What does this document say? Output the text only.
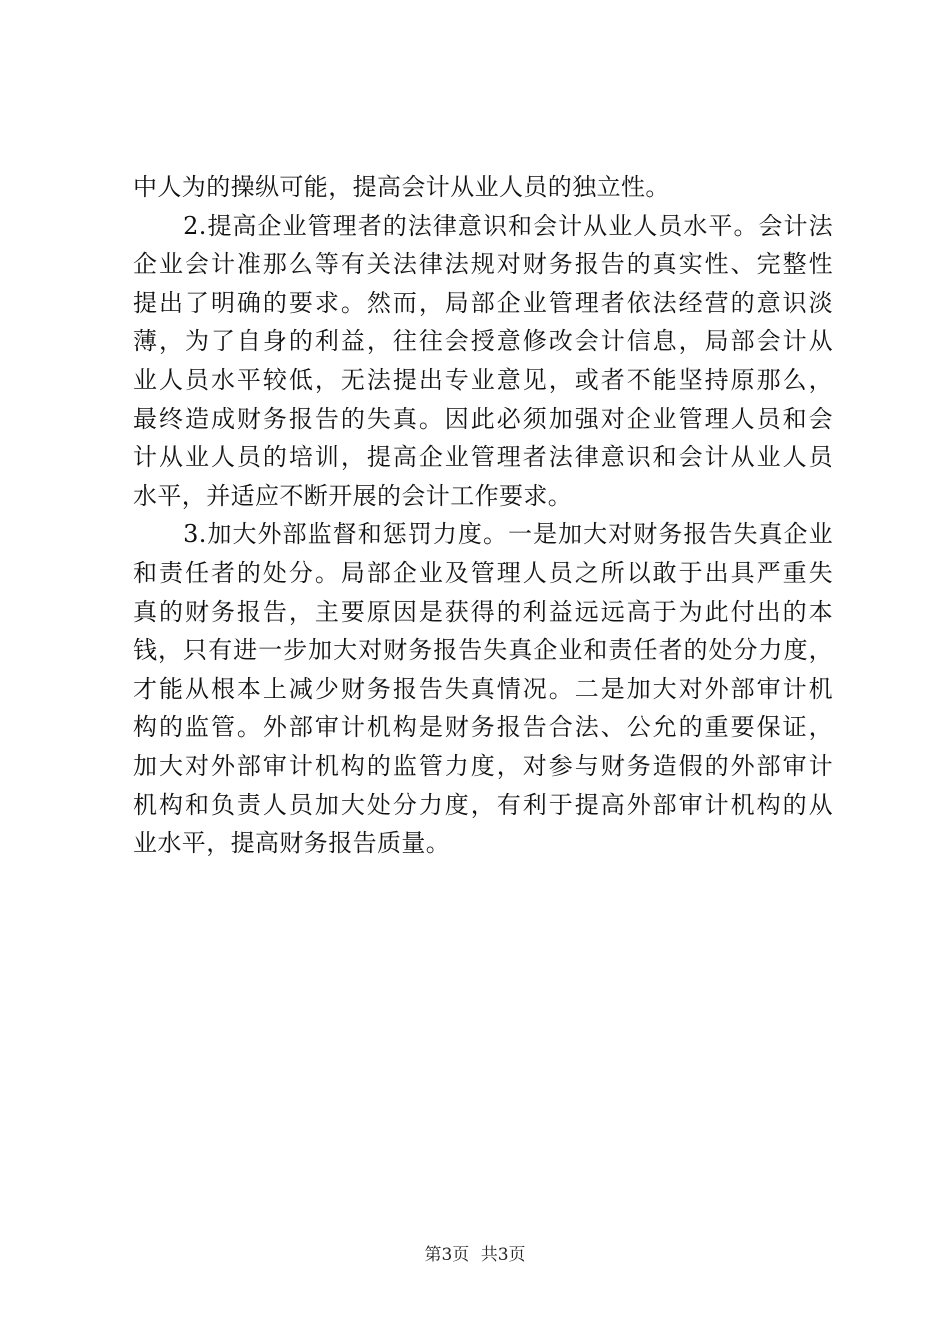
中人为的操纵可能，提高会计从业人员的独立性。
　　2.提高企业管理者的法律意识和会计从业人员水平。会计法
企业会计准那么等有关法律法规对财务报告的真实性、完整性
提出了明确的要求。然而，局部企业管理者依法经营的意识淡
薄，为了自身的利益，往往会授意修改会计信息，局部会计从
业人员水平较低，无法提出专业意见，或者不能坚持原那么，
最终造成财务报告的失真。因此必须加强对企业管理人员和会
计从业人员的培训，提高企业管理者法律意识和会计从业人员
水平，并适应不断开展的会计工作要求。
　　3.加大外部监督和惩罚力度。一是加大对财务报告失真企业
和责任者的处分。局部企业及管理人员之所以敢于出具严重失
真的财务报告，主要原因是获得的利益远远高于为此付出的本
钱，只有进一步加大对财务报告失真企业和责任者的处分力度，
才能从根本上减少财务报告失真情况。二是加大对外部审计机
构的监管。外部审计机构是财务报告合法、公允的重要保证，
加大对外部审计机构的监管力度，对参与财务造假的外部审计
机构和负责人员加大处分力度，有利于提高外部审计机构的从
业水平，提高财务报告质量。
第3页 共3页
